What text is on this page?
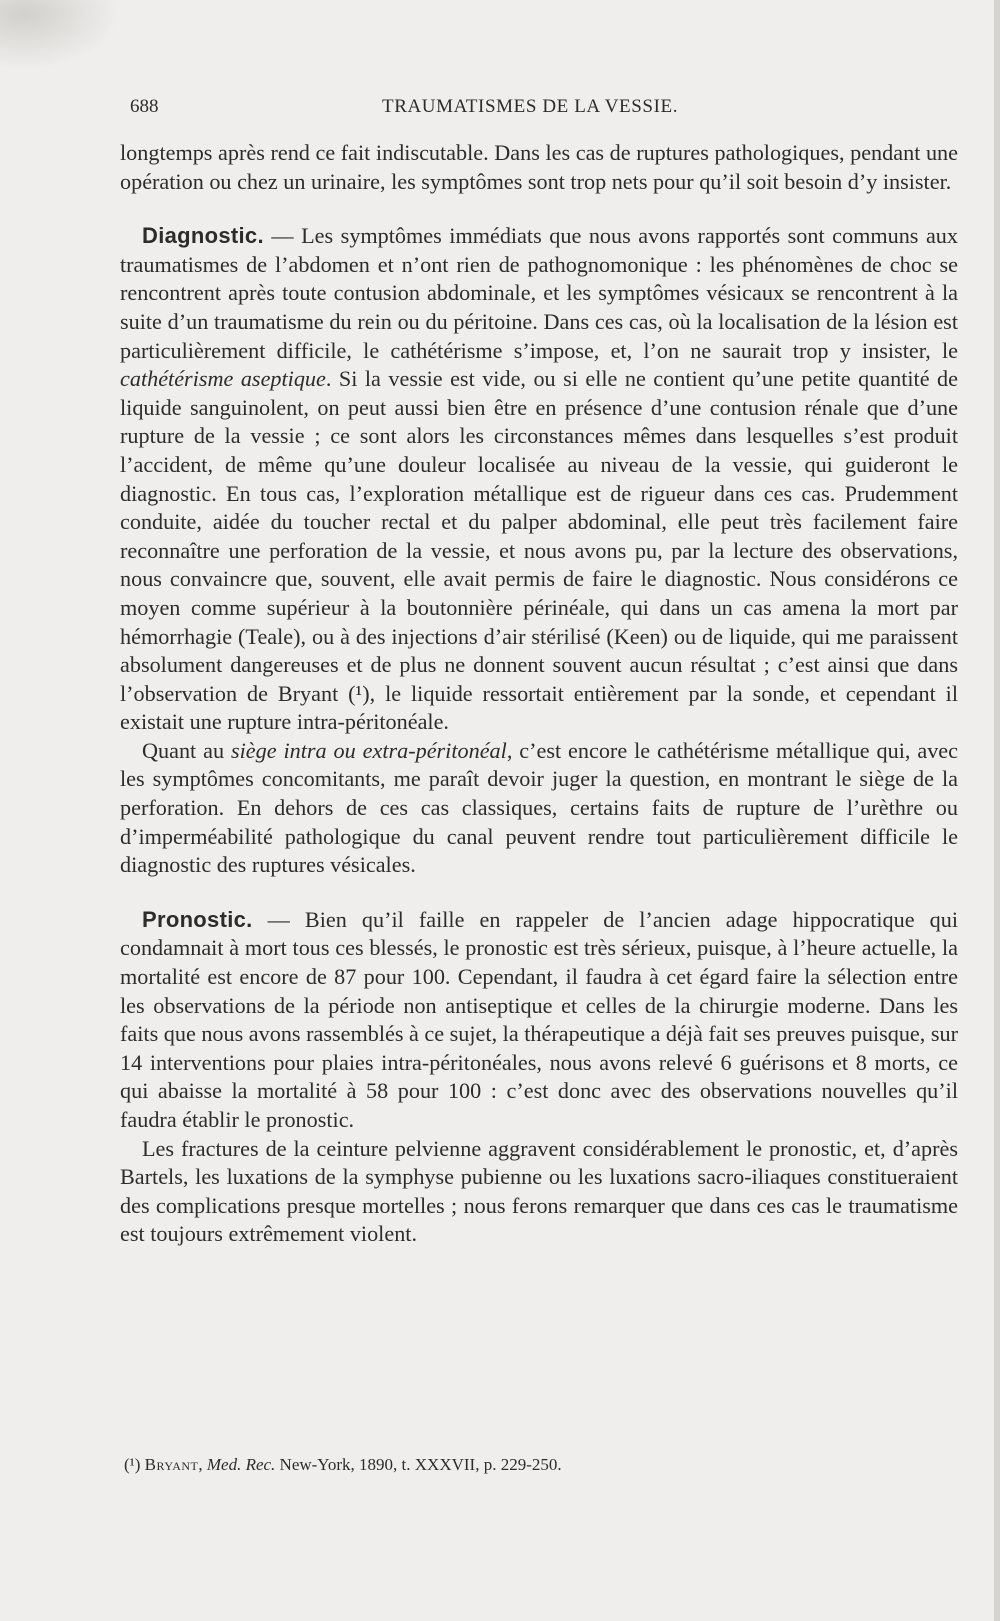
688	TRAUMATISMES DE LA VESSIE.

longtemps après rend ce fait indiscutable. Dans les cas de ruptures pathologiques, pendant une opération ou chez un urinaire, les symptômes sont trop nets pour qu’il soit besoin d’y insister.

Diagnostic. — Les symptômes immédiats que nous avons rapportés sont communs aux traumatismes de l’abdomen et n’ont rien de pathognomonique : les phénomènes de choc se rencontrent après toute contusion abdominale, et les symptômes vésicaux se rencontrent à la suite d’un traumatisme du rein ou du péritoine. Dans ces cas, où la localisation de la lésion est particulièrement difficile, le cathétérisme s’impose, et, l’on ne saurait trop y insister, le cathétérisme aseptique. Si la vessie est vide, ou si elle ne contient qu’une petite quantité de liquide sanguinolent, on peut aussi bien être en présence d’une contusion rénale que d’une rupture de la vessie ; ce sont alors les circonstances mêmes dans lesquelles s’est produit l’accident, de même qu’une douleur localisée au niveau de la vessie, qui guideront le diagnostic. En tous cas, l’exploration métallique est de rigueur dans ces cas. Prudemment conduite, aidée du toucher rectal et du palper abdominal, elle peut très facilement faire reconnaître une perforation de la vessie, et nous avons pu, par la lecture des observations, nous convaincre que, souvent, elle avait permis de faire le diagnostic. Nous considérons ce moyen comme supérieur à la boutonnière périnéale, qui dans un cas amena la mort par hémorrhagie (Teale), ou à des injections d’air stérilisé (Keen) ou de liquide, qui me paraissent absolument dangereuses et de plus ne donnent souvent aucun résultat ; c’est ainsi que dans l’observation de Bryant (¹), le liquide ressortait entièrement par la sonde, et cependant il existait une rupture intra-péritonéale.

Quant au siège intra ou extra-péritonéal, c’est encore le cathétérisme métallique qui, avec les symptômes concomitants, me paraît devoir juger la question, en montrant le siège de la perforation. En dehors de ces cas classiques, certains faits de rupture de l’urèthre ou d’imperméabilité pathologique du canal peuvent rendre tout particulièrement difficile le diagnostic des ruptures vésicales.

Pronostic. — Bien qu’il faille en rappeler de l’ancien adage hippocratique qui condamnait à mort tous ces blessés, le pronostic est très sérieux, puisque, à l’heure actuelle, la mortalité est encore de 87 pour 100. Cependant, il faudra à cet égard faire la sélection entre les observations de la période non antiseptique et celles de la chirurgie moderne. Dans les faits que nous avons rassemblés à ce sujet, la thérapeutique a déjà fait ses preuves puisque, sur 14 interventions pour plaies intra-péritonéales, nous avons relevé 6 guérisons et 8 morts, ce qui abaisse la mortalité à 58 pour 100 : c’est donc avec des observations nouvelles qu’il faudra établir le pronostic.

Les fractures de la ceinture pelvienne aggravent considérablement le pronostic, et, d’après Bartels, les luxations de la symphyse pubienne ou les luxations sacro-iliaques constitueraient des complications presque mortelles ; nous ferons remarquer que dans ces cas le traumatisme est toujours extrêmement violent.

(¹) Bryant, Med. Rec. New-York, 1890, t. XXXVII, p. 229-250.
